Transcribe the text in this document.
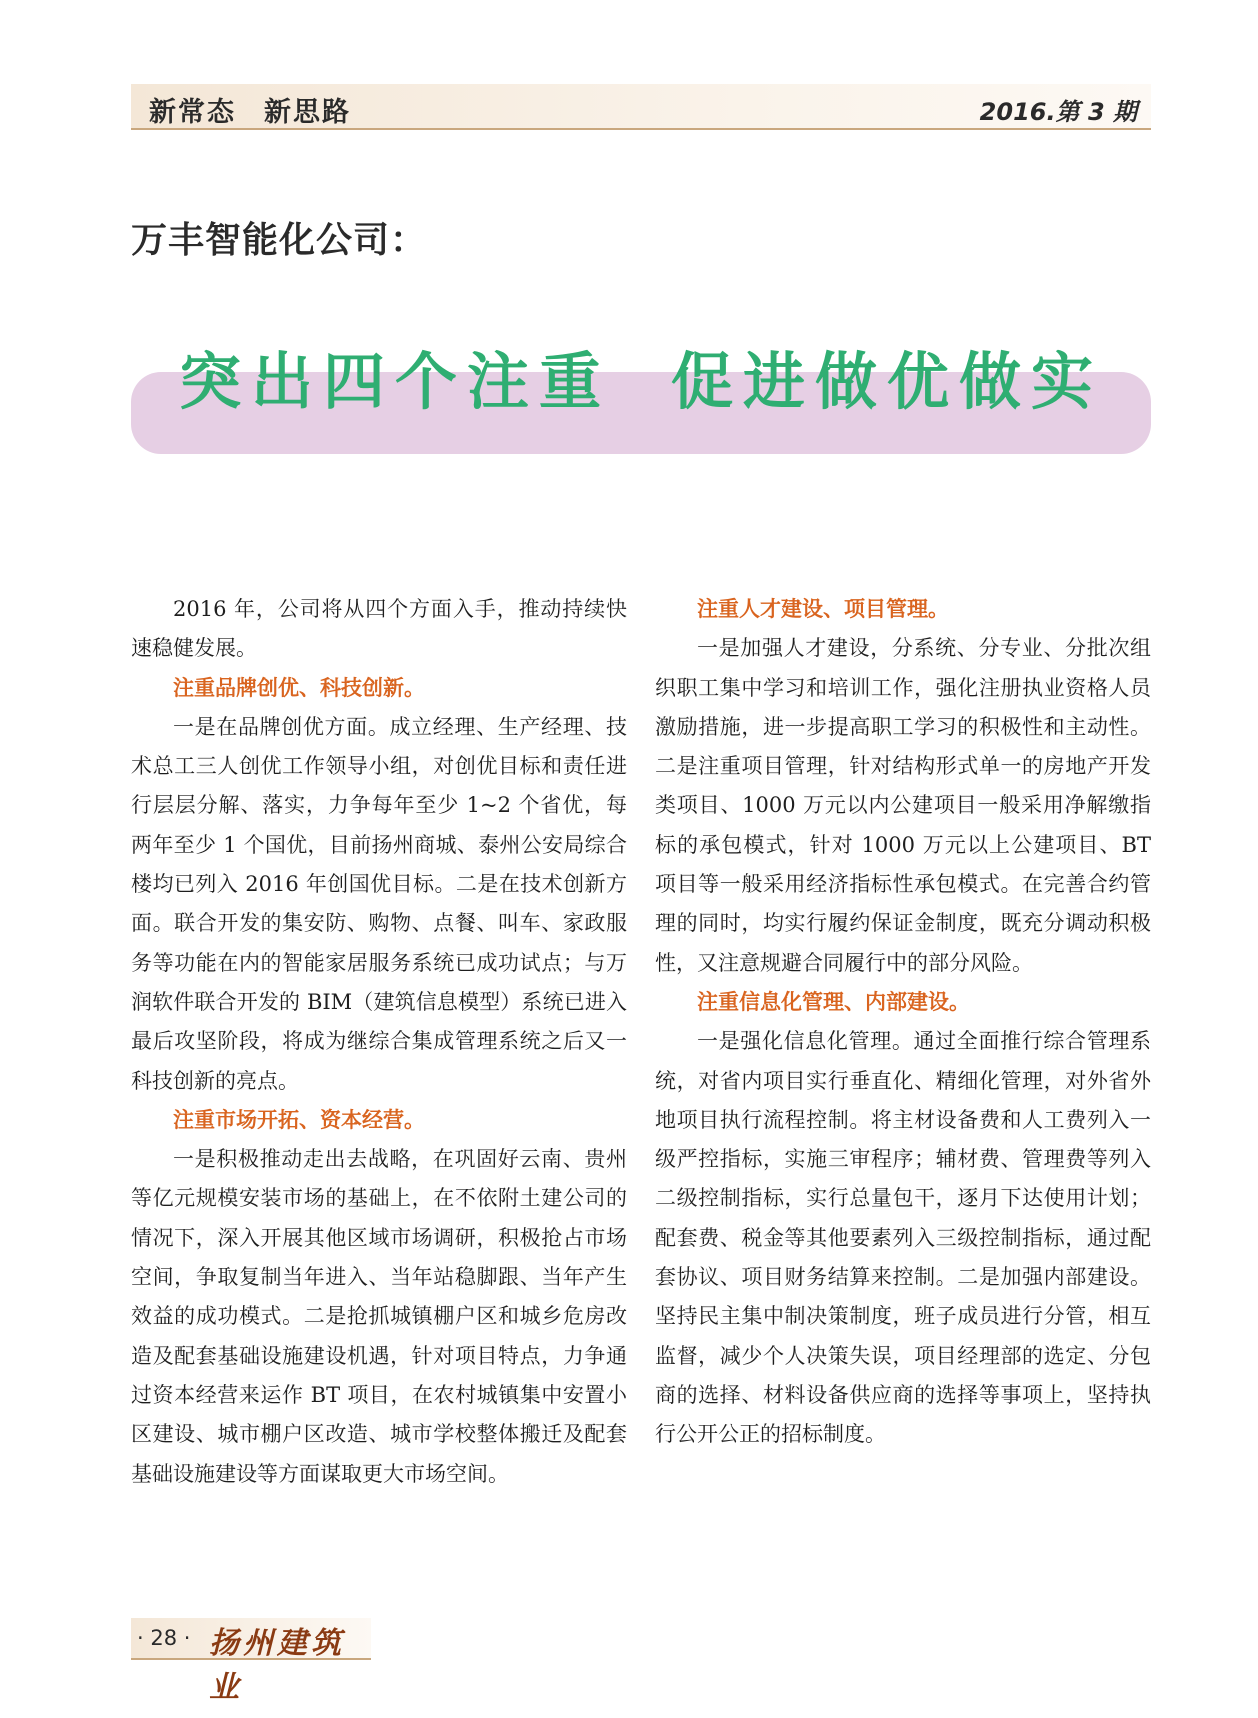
新常态 新思路	2016.第 3 期
万丰智能化公司：
突出四个注重 促进做优做实

2016 年，公司将从四个方面入手，推动持续快速稳健发展。

注重品牌创优、科技创新。

一是在品牌创优方面。成立经理、生产经理、技术总工三人创优工作领导小组，对创优目标和责任进行层层分解、落实，力争每年至少 1~2 个省优，每两年至少 1 个国优，目前扬州商城、泰州公安局综合楼均已列入 2016 年创国优目标。二是在技术创新方面。联合开发的集安防、购物、点餐、叫车、家政服务等功能在内的智能家居服务系统已成功试点；与万润软件联合开发的 BIM（建筑信息模型）系统已进入最后攻坚阶段，将成为继综合集成管理系统之后又一科技创新的亮点。

注重市场开拓、资本经营。

一是积极推动走出去战略，在巩固好云南、贵州等亿元规模安装市场的基础上，在不依附土建公司的情况下，深入开展其他区域市场调研，积极抢占市场空间，争取复制当年进入、当年站稳脚跟、当年产生效益的成功模式。二是抢抓城镇棚户区和城乡危房改造及配套基础设施建设机遇，针对项目特点，力争通过资本经营来运作 BT 项目，在农村城镇集中安置小区建设、城市棚户区改造、城市学校整体搬迁及配套基础设施建设等方面谋取更大市场空间。

注重人才建设、项目管理。

一是加强人才建设，分系统、分专业、分批次组织职工集中学习和培训工作，强化注册执业资格人员激励措施，进一步提高职工学习的积极性和主动性。二是注重项目管理，针对结构形式单一的房地产开发类项目、1000 万元以内公建项目一般采用净解缴指标的承包模式，针对 1000 万元以上公建项目、BT 项目等一般采用经济指标性承包模式。在完善合约管理的同时，均实行履约保证金制度，既充分调动积极性，又注意规避合同履行中的部分风险。

注重信息化管理、内部建设。

一是强化信息化管理。通过全面推行综合管理系统，对省内项目实行垂直化、精细化管理，对外省外地项目执行流程控制。将主材设备费和人工费列入一级严控指标，实施三审程序；辅材费、管理费等列入二级控制指标，实行总量包干，逐月下达使用计划；配套费、税金等其他要素列入三级控制指标，通过配套协议、项目财务结算来控制。二是加强内部建设。坚持民主集中制决策制度，班子成员进行分管，相互监督，减少个人决策失误，项目经理部的选定、分包商的选择、材料设备供应商的选择等事项上，坚持执行公开公正的招标制度。

· 28 · 扬州建筑业
